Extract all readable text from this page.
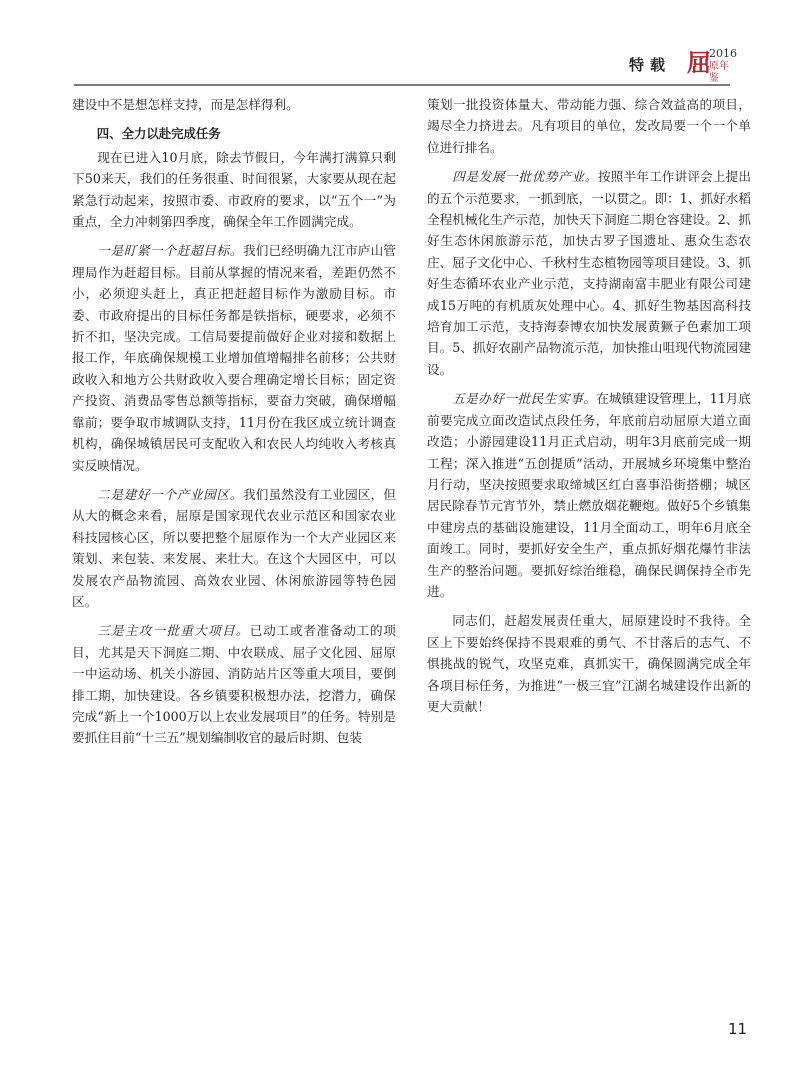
特载 屈
2016
原年鉴

建设中不是想怎样支持，而是怎样得利。

四、全力以赴完成任务

现在已进入10月底，除去节假日，今年满打满算只剩下50来天，我们的任务很重、时间很紧，大家要从现在起紧急行动起来，按照市委、市政府的要求，以“五个一”为重点，全力冲刺第四季度，确保全年工作圆满完成。

一是盯紧一个赶超目标。我们已经明确九江市庐山管理局作为赶超目标。目前从掌握的情况来看，差距仍然不小，必须迎头赶上，真正把赶超目标作为激励目标。市委、市政府提出的目标任务都是铁指标，硬要求，必须不折不扣，坚决完成。工信局要提前做好企业对接和数据上报工作，年底确保规模工业增加值增幅排名前移；公共财政收入和地方公共财政收入要合理确定增长目标；固定资产投资、消费品零售总额等指标，要奋力突破，确保增幅靠前；要争取市城调队支持，11月份在我区成立统计调查机构，确保城镇居民可支配收入和农民人均纯收入考核真实反映情况。

二是建好一个产业园区。我们虽然没有工业园区，但从大的概念来看，屈原是国家现代农业示范区和国家农业科技园核心区，所以要把整个屈原作为一个大产业园区来策划、来包装、来发展、来壮大。在这个大园区中，可以发展农产品物流园、高效农业园、休闲旅游园等特色园区。

三是主攻一批重大项目。已动工或者准备动工的项目，尤其是天下洞庭二期、中农联成、屈子文化园、屈原一中运动场、机关小游园、消防站片区等重大项目，要倒排工期，加快建设。各乡镇要积极想办法，挖潜力，确保完成“新上一个1000万以上农业发展项目”的任务。特别是要抓住目前“十三五”规划编制收官的最后时期、包装

策划一批投资体量大、带动能力强、综合效益高的项目，竭尽全力挤进去。凡有项目的单位，发改局要一个一个单位进行排名。

四是发展一批优势产业。按照半年工作讲评会上提出的五个示范要求，一抓到底，一以贯之。即：1、抓好水稻全程机械化生产示范，加快天下洞庭二期仓容建设。2、抓好生态休闲旅游示范，加快古罗子国遗址、惠众生态农庄、屈子文化中心、千秋村生态植物园等项目建设。3、抓好生态循环农业产业示范，支持湖南富丰肥业有限公司建成15万吨的有机质灰处理中心。4、抓好生物基因高科技培育加工示范，支持海泰博农加快发展黄獗子色素加工项目。5、抓好农副产品物流示范，加快推山咀现代物流园建设。

五是办好一批民生实事。在城镇建设管理上，11月底前要完成立面改造试点段任务，年底前启动屈原大道立面改造；小游园建设11月正式启动，明年3月底前完成一期工程；深入推进“五创提质”活动，开展城乡环境集中整治月行动，坚决按照要求取缔城区红白喜事沿街搭棚；城区居民除春节元宵节外，禁止燃放烟花鞭炮。做好5个乡镇集中建房点的基础设施建设，11月全面动工，明年6月底全面竣工。同时，要抓好安全生产，重点抓好烟花爆竹非法生产的整治问题。要抓好综治维稳，确保民调保持全市先进。

同志们，赶超发展责任重大，屈原建设时不我待。全区上下要始终保持不畏艰难的勇气、不甘落后的志气、不惧挑战的锐气，攻坚克难，真抓实干，确保圆满完成全年各项目标任务，为推进“一极三宜”江湖名城建设作出新的更大贡献！

11
